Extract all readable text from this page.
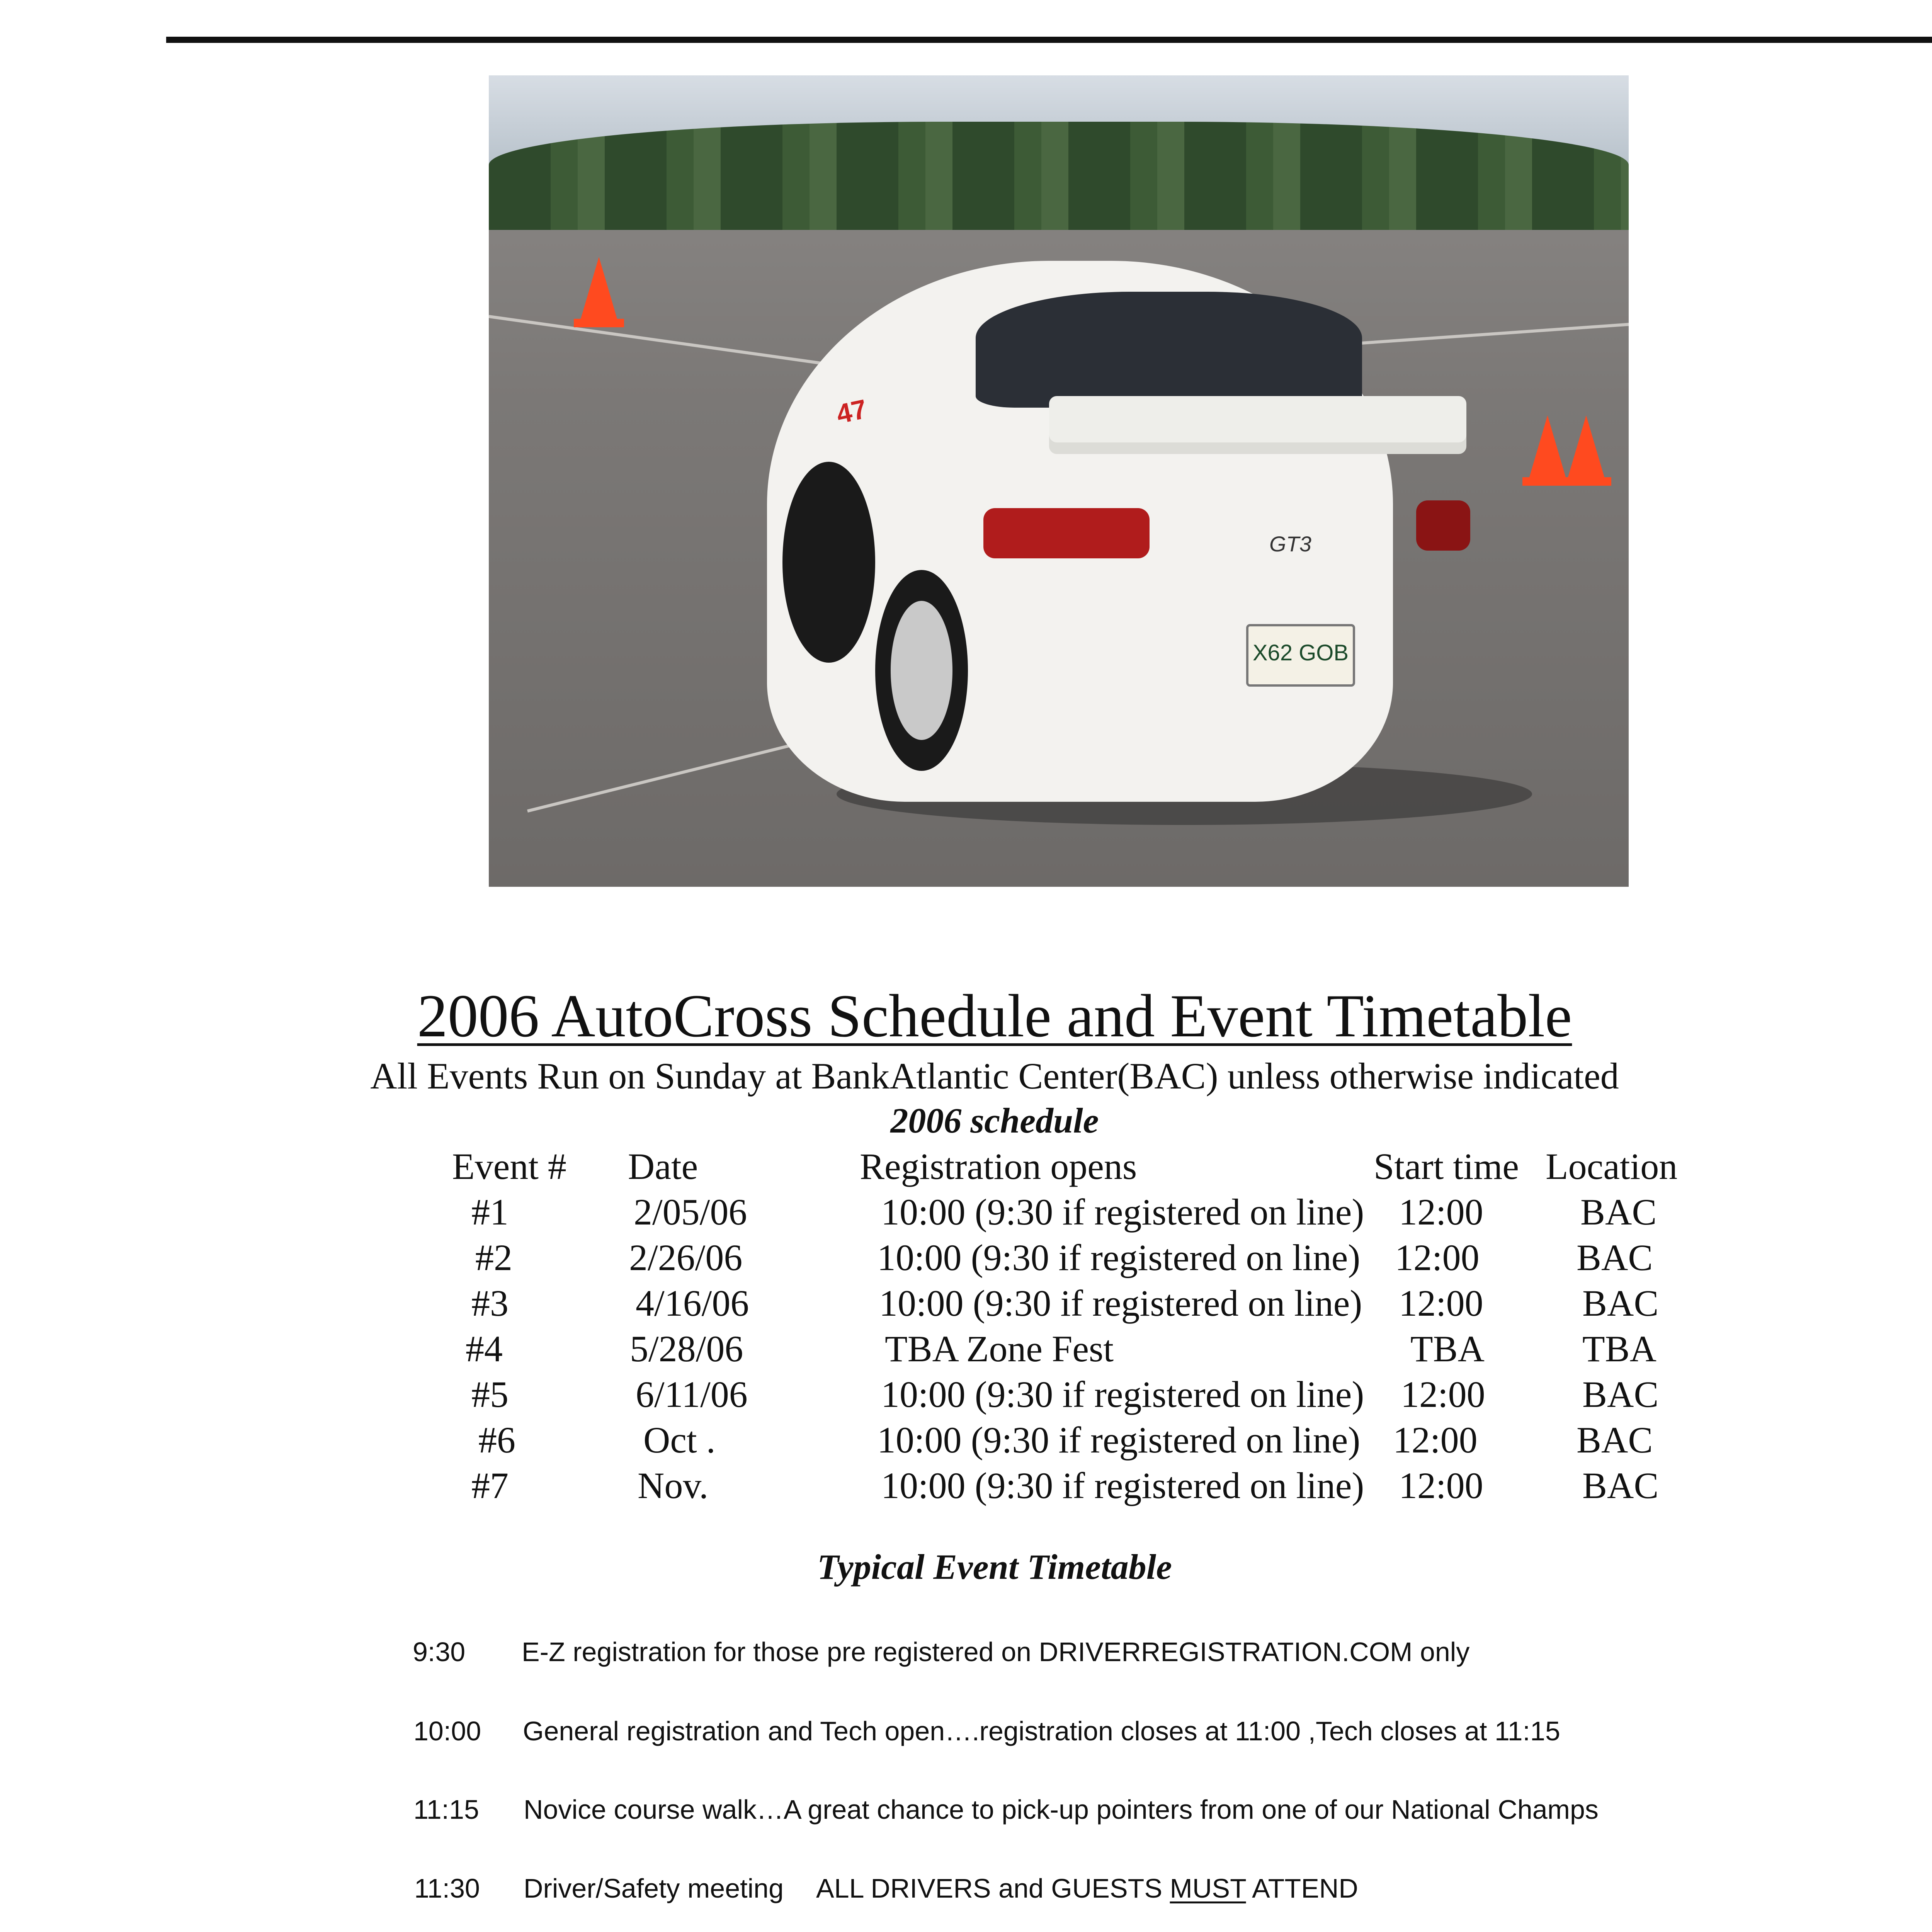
GT3
47
X62 GOB
2006 AutoCross Schedule and Event Timetable
All Events Run on Sunday at BankAtlantic Center(BAC) unless otherwise indicated
2006 schedule
Event # Date	Registration opens	Start time Location
#1	2/05/06	10:00 (9:30 if registered on line) 12:00	BAC
#2	2/26/06	10:00 (9:30 if registered on line) 12:00	BAC
#3	4/16/06	10:00 (9:30 if registered on line) 12:00	BAC
#4	5/28/06	TBA Zone Fest	TBA	TBA
#5	6/11/06	10:00 (9:30 if registered on line) 12:00	BAC
#6	Oct .	10:00 (9:30 if registered on line) 12:00	BAC
#7	Nov.	10:00 (9:30 if registered on line) 12:00	BAC
Typical Event Timetable
9:30 E-Z registration for those pre registered on DRIVERREGISTRATION.COM only
10:00 General registration and Tech open….registration closes at 11:00 ,Tech closes at 11:15
11:15 Novice course walk…A great chance to pick-up pointers from one of our National Champs
11:30 Driver/Safety meeting ALL DRIVERS and GUESTS MUST ATTEND
